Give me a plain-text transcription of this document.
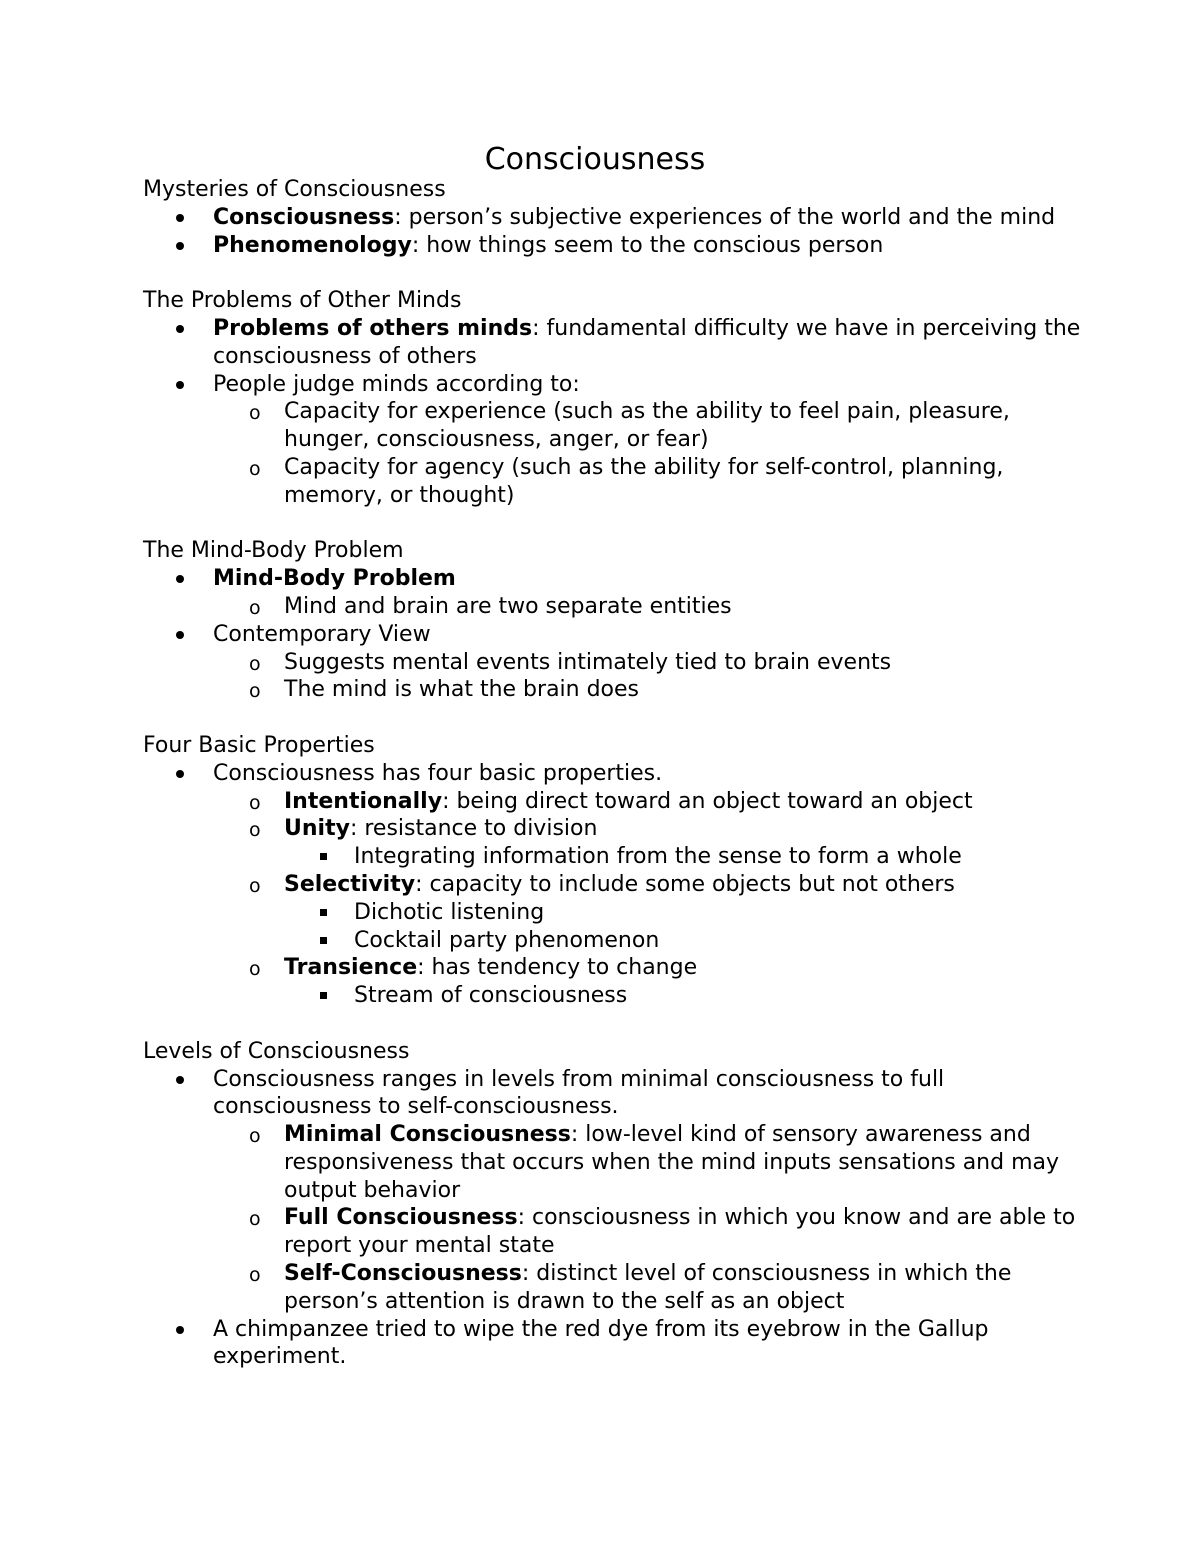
Consciousness

Mysteries of Consciousness

Consciousness: person’s subjective experiences of the world and the mind
Phenomenology: how things seem to the conscious person

The Problems of Other Minds

Problems of others minds: fundamental difficulty we have in perceiving the consciousness of others
People judge minds according to:
o Capacity for experience (such as the ability to feel pain, pleasure, hunger, consciousness, anger, or fear)
o Capacity for agency (such as the ability for self-control, planning, memory, or thought)

The Mind-Body Problem

Mind-Body Problem
o Mind and brain are two separate entities
Contemporary View
o Suggests mental events intimately tied to brain events
o The mind is what the brain does

Four Basic Properties

Consciousness has four basic properties.
o Intentionally: being direct toward an object toward an object
o Unity: resistance to division
Integrating information from the sense to form a whole
o Selectivity: capacity to include some objects but not others
Dichotic listening
Cocktail party phenomenon
o Transience: has tendency to change
Stream of consciousness

Levels of Consciousness

Consciousness ranges in levels from minimal consciousness to full consciousness to self-consciousness.
o Minimal Consciousness: low-level kind of sensory awareness and responsiveness that occurs when the mind inputs sensations and may output behavior
o Full Consciousness: consciousness in which you know and are able to report your mental state
o Self-Consciousness: distinct level of consciousness in which the person’s attention is drawn to the self as an object
A chimpanzee tried to wipe the red dye from its eyebrow in the Gallup experiment.
